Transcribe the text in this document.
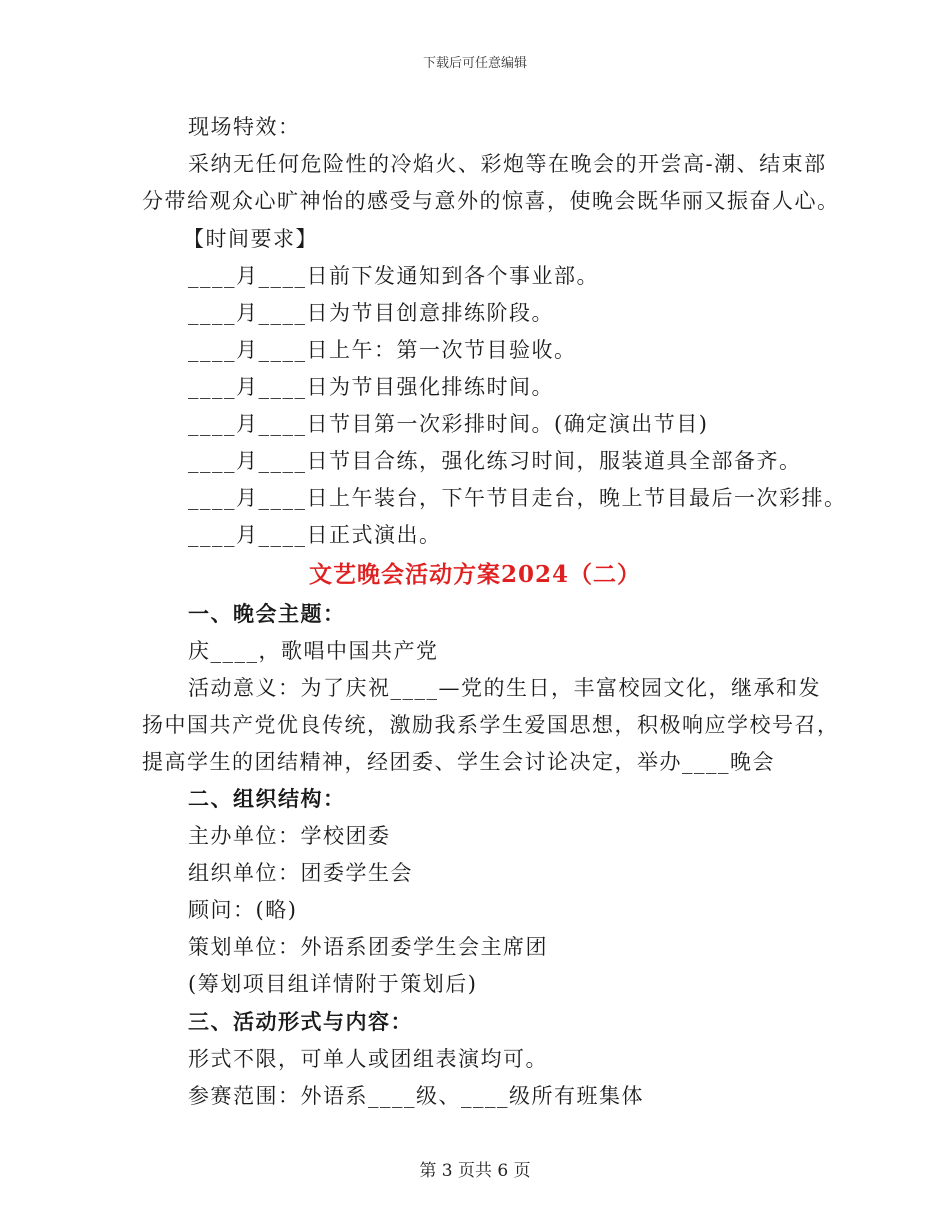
下载后可任意编辑
现场特效：
采纳无任何危险性的冷焰火、彩炮等在晚会的开尝高-潮、结束部
分带给观众心旷神怡的感受与意外的惊喜，使晚会既华丽又振奋人心。
【时间要求】
____月____日前下发通知到各个事业部。
____月____日为节目创意排练阶段。
____月____日上午：第一次节目验收。
____月____日为节目强化排练时间。
____月____日节目第一次彩排时间。(确定演出节目)
____月____日节目合练，强化练习时间，服装道具全部备齐。
____月____日上午装台，下午节目走台，晚上节目最后一次彩排。
____月____日正式演出。
文艺晚会活动方案2024（二）
一、晚会主题：
庆____，歌唱中国共产党
活动意义：为了庆祝____—党的生日，丰富校园文化，继承和发
扬中国共产党优良传统，激励我系学生爱国思想，积极响应学校号召，
提高学生的团结精神，经团委、学生会讨论决定，举办____晚会
二、组织结构：
主办单位：学校团委
组织单位：团委学生会
顾问：(略)
策划单位：外语系团委学生会主席团
(筹划项目组详情附于策划后)
三、活动形式与内容：
形式不限，可单人或团组表演均可。
参赛范围：外语系____级、____级所有班集体
第 3 页共 6 页
